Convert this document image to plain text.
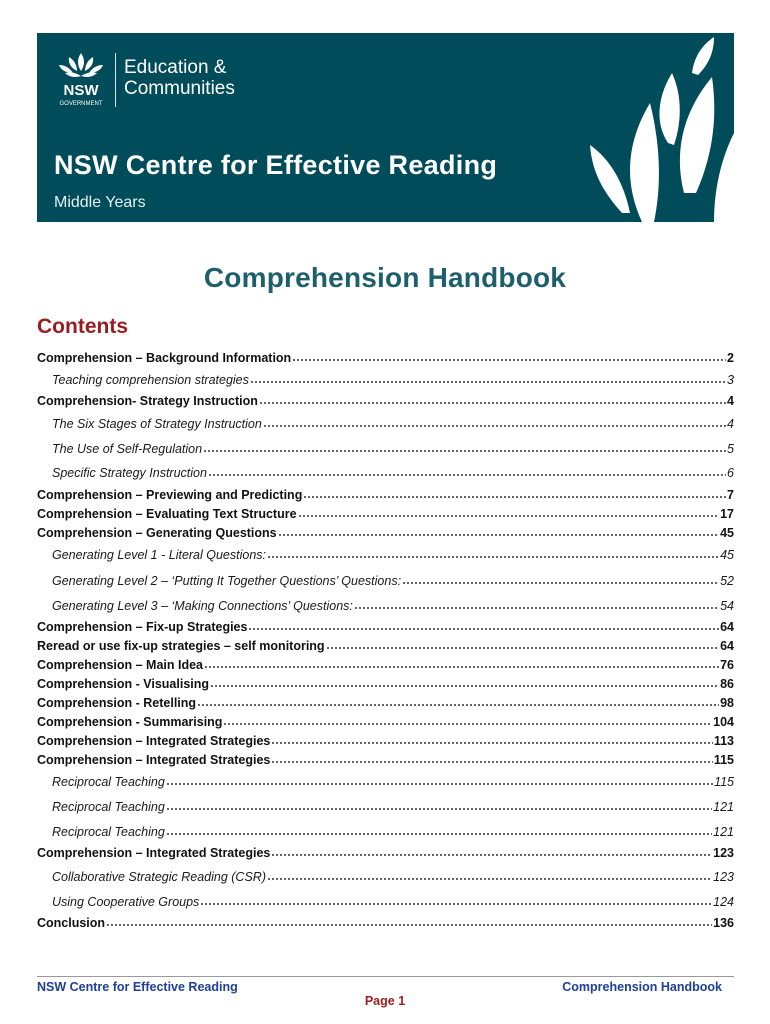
NSW
GOVERNMENT
Education &
Communities
NSW Centre for Effective Reading
Middle Years
Comprehension Handbook
Contents
Comprehension – Background Information	2
Teaching comprehension strategies	3
Comprehension- Strategy Instruction	4
The Six Stages of Strategy Instruction	4
The Use of Self-Regulation	5
Specific Strategy Instruction	6
Comprehension – Previewing and Predicting	7
Comprehension – Evaluating Text Structure	17
Comprehension – Generating Questions	45
Generating Level 1 - Literal Questions:	45
Generating Level 2 – ‘Putting It Together Questions’ Questions:	52
Generating Level 3 – ‘Making Connections’ Questions:	54
Comprehension – Fix-up Strategies	64
Reread or use fix-up strategies – self monitoring	64
Comprehension – Main Idea	76
Comprehension - Visualising	86
Comprehension - Retelling	98
Comprehension - Summarising	104
Comprehension – Integrated Strategies	113
Comprehension – Integrated Strategies	115
Reciprocal Teaching	115
Reciprocal Teaching	121
Reciprocal Teaching	121
Comprehension – Integrated Strategies	123
Collaborative Strategic Reading (CSR)	123
Using Cooperative Groups	124
Conclusion	136
NSW Centre for Effective Reading	Comprehension Handbook
Page 1
